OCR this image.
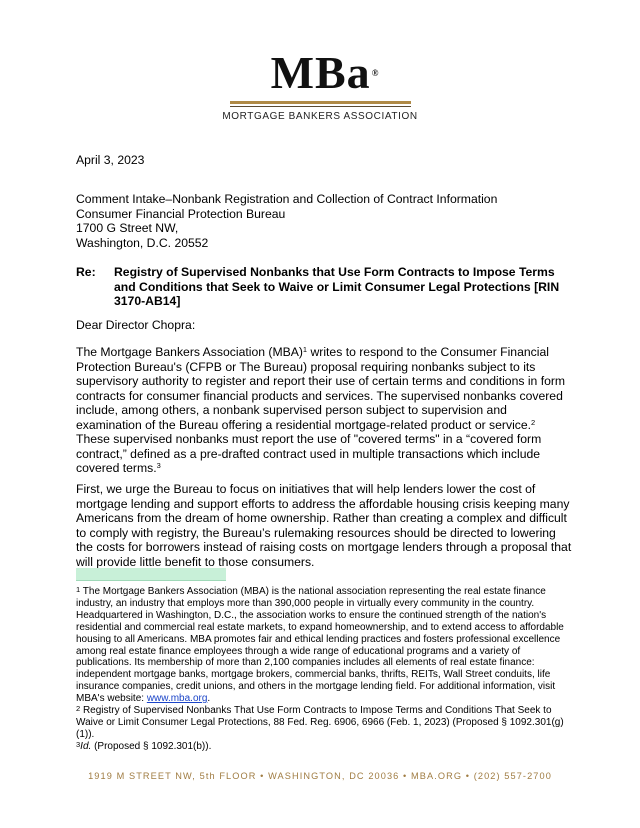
MBa®
MORTGAGE BANKERS ASSOCIATION
April 3, 2023
Comment Intake–Nonbank Registration and Collection of Contract Information
Consumer Financial Protection Bureau
1700 G Street NW,
Washington, D.C. 20552
Re: Registry of Supervised Nonbanks that Use Form Contracts to Impose Terms and Conditions that Seek to Waive or Limit Consumer Legal Protections [RIN 3170-AB14]
Dear Director Chopra:
The Mortgage Bankers Association (MBA)$^1$ writes to respond to the Consumer Financial Protection Bureau's (CFPB or The Bureau) proposal requiring nonbanks subject to its supervisory authority to register and report their use of certain terms and conditions in form contracts for consumer financial products and services. The supervised nonbanks covered include, among others, a nonbank supervised person subject to supervision and examination of the Bureau offering a residential mortgage-related product or service.$^2$ These supervised nonbanks must report the use of "covered terms" in a “covered form contract,” defined as a pre-drafted contract used in multiple transactions which include covered terms.$^3$
First, we urge the Bureau to focus on initiatives that will help lenders lower the cost of mortgage lending and support efforts to address the affordable housing crisis keeping many Americans from the dream of home ownership. Rather than creating a complex and difficult to comply with registry, the Bureau’s rulemaking resources should be directed to lowering the costs for borrowers instead of raising costs on mortgage lenders through a proposal that will provide little benefit to those consumers.

$^1$ The Mortgage Bankers Association (MBA) is the national association representing the real estate finance industry, an industry that employs more than 390,000 people in virtually every community in the country. Headquartered in Washington, D.C., the association works to ensure the continued strength of the nation's residential and commercial real estate markets, to expand homeownership, and to extend access to affordable housing to all Americans. MBA promotes fair and ethical lending practices and fosters professional excellence among real estate finance employees through a wide range of educational programs and a variety of publications. Its membership of more than 2,100 companies includes all elements of real estate finance: independent mortgage banks, mortgage brokers, commercial banks, thrifts, REITs, Wall Street conduits, life insurance companies, credit unions, and others in the mortgage lending field. For additional information, visit MBA's website: www.mba.org.

$^2$ Registry of Supervised Nonbanks That Use Form Contracts to Impose Terms and Conditions That Seek to Waive or Limit Consumer Legal Protections, 88 Fed. Reg. 6906, 6966 (Feb. 1, 2023) (Proposed § 1092.301(g)(1)).

$^3$Id. (Proposed § 1092.301(b)).

1919 M STREET NW, 5th FLOOR • WASHINGTON, DC 20036 • MBA.ORG • (202) 557-2700
